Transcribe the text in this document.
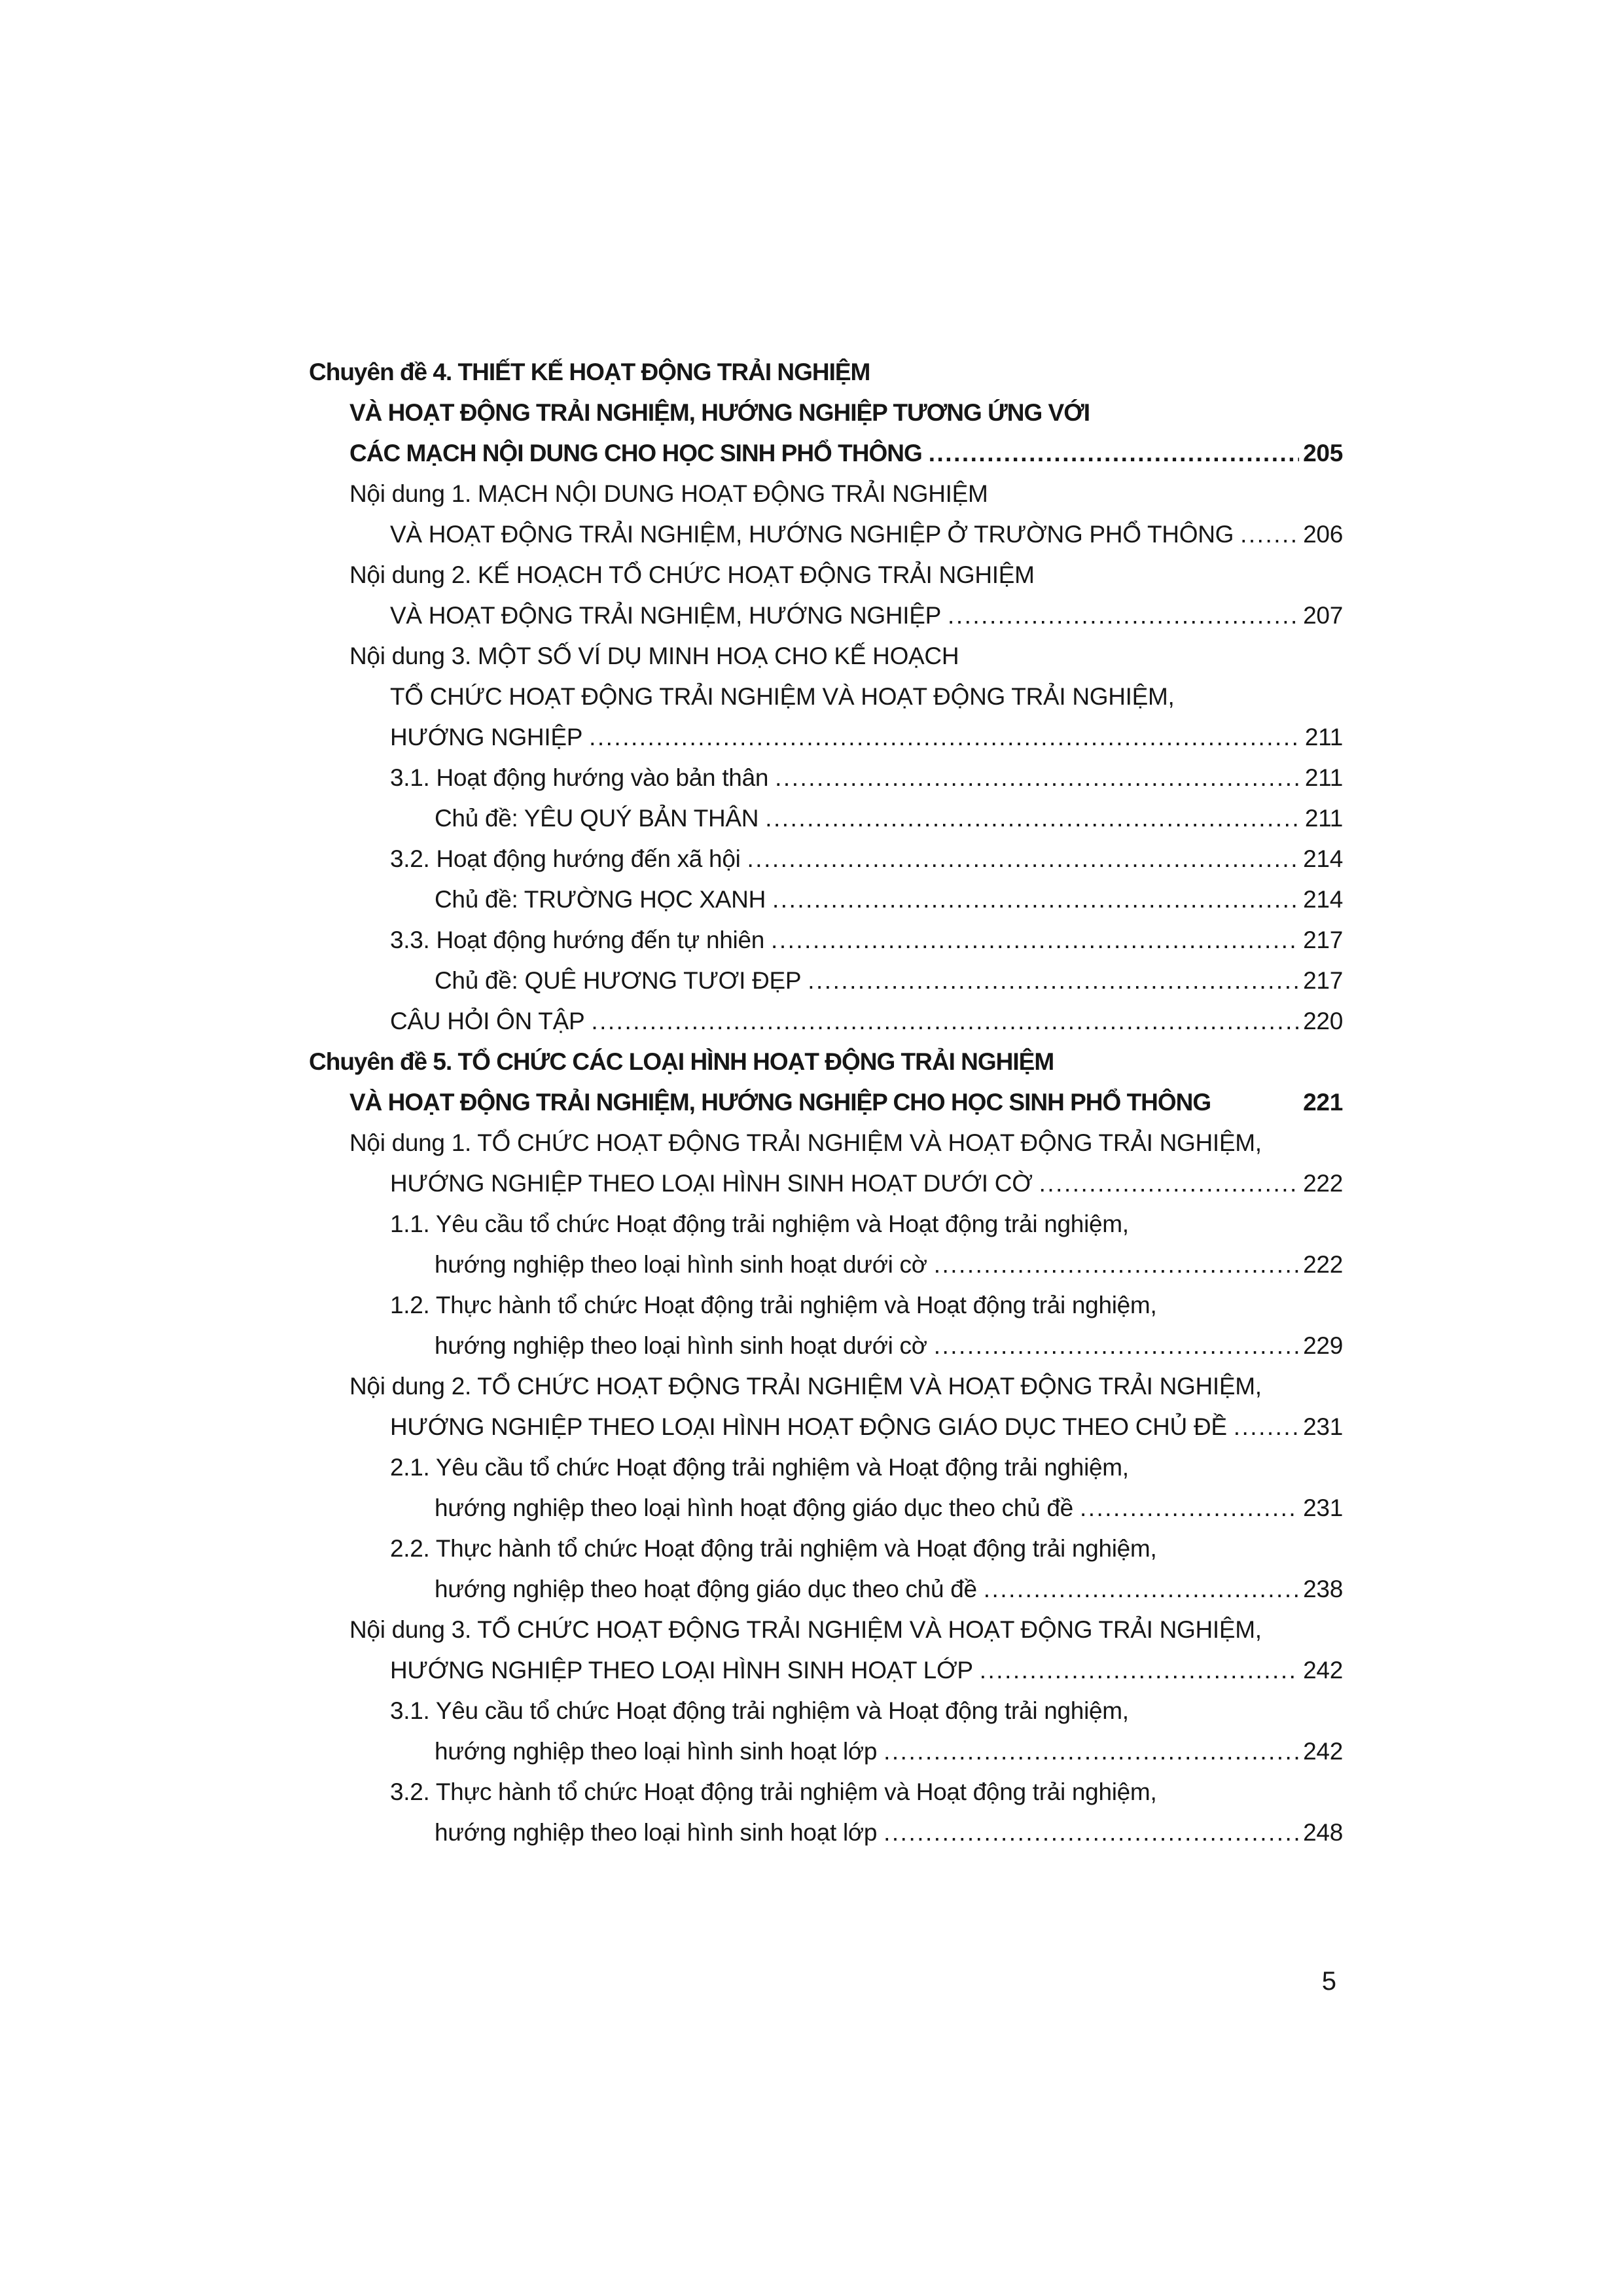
Chuyên đề 4. THIẾT KẾ HOẠT ĐỘNG TRẢI NGHIỆM
VÀ HOẠT ĐỘNG TRẢI NGHIỆM, HƯỚNG NGHIỆP TƯƠNG ỨNG VỚI
CÁC MẠCH NỘI DUNG CHO HỌC SINH PHỔ THÔNG .....	205
Nội dung 1. MẠCH NỘI DUNG HOẠT ĐỘNG TRẢI NGHIỆM
VÀ HOẠT ĐỘNG TRẢI NGHIỆM, HƯỚNG NGHIỆP Ở TRƯỜNG PHỔ THÔNG .....	206
Nội dung 2. KẾ HOẠCH TỔ CHỨC HOẠT ĐỘNG TRẢI NGHIỆM
VÀ HOẠT ĐỘNG TRẢI NGHIỆM, HƯỚNG NGHIỆP .....	207
Nội dung 3. MỘT SỐ VÍ DỤ MINH HOẠ CHO KẾ HOẠCH
TỔ CHỨC HOẠT ĐỘNG TRẢI NGHIỆM VÀ HOẠT ĐỘNG TRẢI NGHIỆM,
HƯỚNG NGHIỆP .....	211
3.1. Hoạt động hướng vào bản thân .....	211
Chủ đề: YÊU QUÝ BẢN THÂN .....	211
3.2. Hoạt động hướng đến xã hội .....	214
Chủ đề: TRƯỜNG HỌC XANH .....	214
3.3. Hoạt động hướng đến tự nhiên .....	217
Chủ đề: QUÊ HƯƠNG TƯƠI ĐẸP .....	217
CÂU HỎI ÔN TẬP .....	220
Chuyên đề 5. TỔ CHỨC CÁC LOẠI HÌNH HOẠT ĐỘNG TRẢI NGHIỆM
VÀ HOẠT ĐỘNG TRẢI NGHIỆM, HƯỚNG NGHIỆP CHO HỌC SINH PHỔ THÔNG	221
Nội dung 1. TỔ CHỨC HOẠT ĐỘNG TRẢI NGHIỆM VÀ HOẠT ĐỘNG TRẢI NGHIỆM,
HƯỚNG NGHIỆP THEO LOẠI HÌNH SINH HOẠT DƯỚI CỜ .....	222
1.1. Yêu cầu tổ chức Hoạt động trải nghiệm và Hoạt động trải nghiệm,
hướng nghiệp theo loại hình sinh hoạt dưới cờ .....	222
1.2. Thực hành tổ chức Hoạt động trải nghiệm và Hoạt động trải nghiệm,
hướng nghiệp theo loại hình sinh hoạt dưới cờ .....	229
Nội dung 2. TỔ CHỨC HOẠT ĐỘNG TRẢI NGHIỆM VÀ HOẠT ĐỘNG TRẢI NGHIỆM,
HƯỚNG NGHIỆP THEO LOẠI HÌNH HOẠT ĐỘNG GIÁO DỤC THEO CHỦ ĐỀ .....	231
2.1. Yêu cầu tổ chức Hoạt động trải nghiệm và Hoạt động trải nghiệm,
hướng nghiệp theo loại hình hoạt động giáo dục theo chủ đề .....	231
2.2. Thực hành tổ chức Hoạt động trải nghiệm và Hoạt động trải nghiệm,
hướng nghiệp theo hoạt động giáo dục theo chủ đề .....	238
Nội dung 3. TỔ CHỨC HOẠT ĐỘNG TRẢI NGHIỆM VÀ HOẠT ĐỘNG TRẢI NGHIỆM,
HƯỚNG NGHIỆP THEO LOẠI HÌNH SINH HOẠT LỚP .....	242
3.1. Yêu cầu tổ chức Hoạt động trải nghiệm và Hoạt động trải nghiệm,
hướng nghiệp theo loại hình sinh hoạt lớp .....	242
3.2. Thực hành tổ chức Hoạt động trải nghiệm và Hoạt động trải nghiệm,
hướng nghiệp theo loại hình sinh hoạt lớp .....	248
5
